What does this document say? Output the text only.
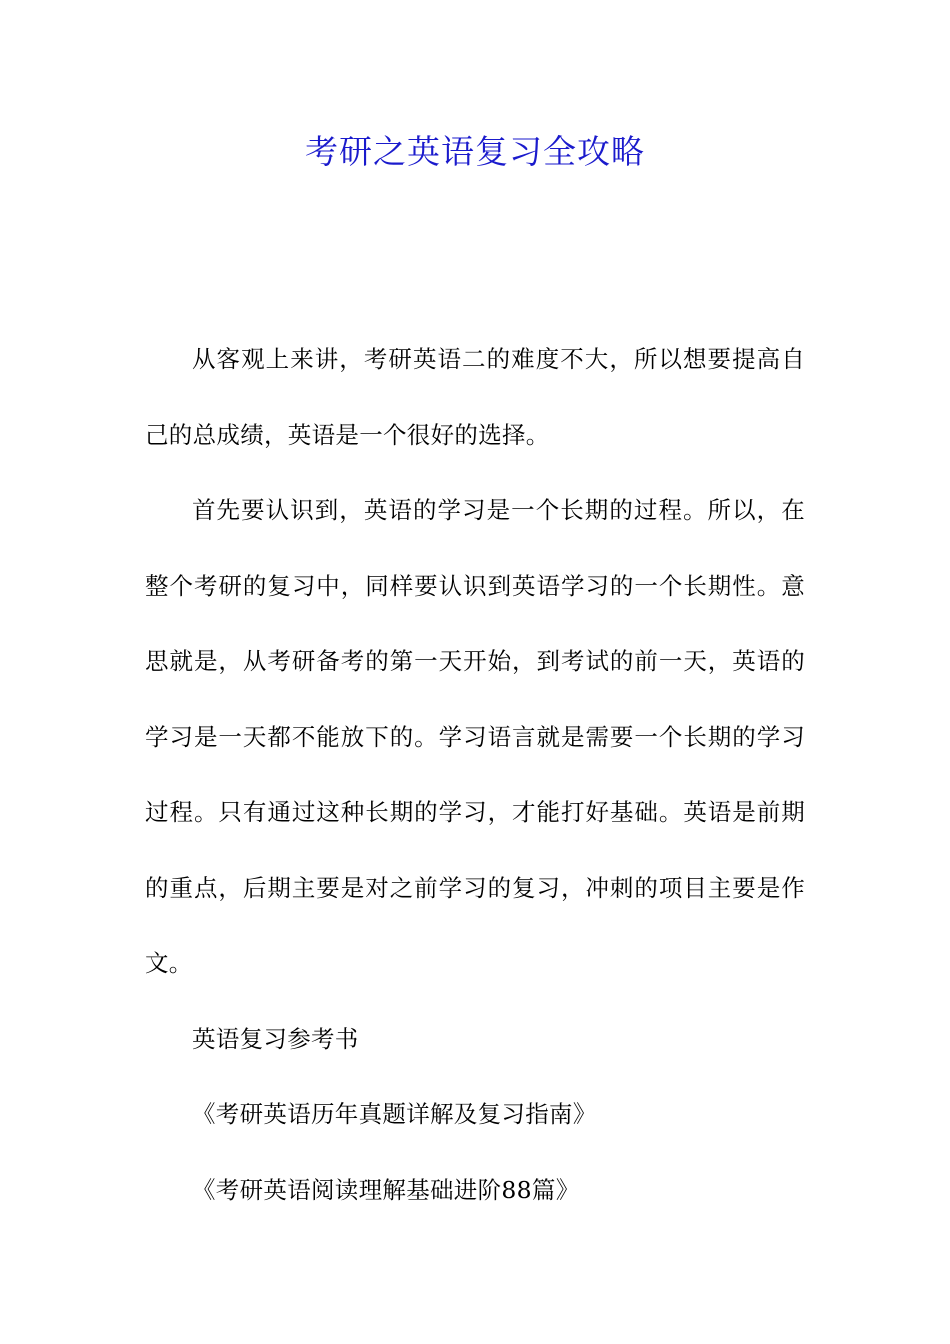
考研之英语复习全攻略

从客观上来讲，考研英语二的难度不大，所以想要提高自己的总成绩，英语是一个很好的选择。

首先要认识到，英语的学习是一个长期的过程。所以，在整个考研的复习中，同样要认识到英语学习的一个长期性。意思就是，从考研备考的第一天开始，到考试的前一天，英语的学习是一天都不能放下的。学习语言就是需要一个长期的学习过程。只有通过这种长期的学习，才能打好基础。英语是前期的重点，后期主要是对之前学习的复习，冲刺的项目主要是作文。

英语复习参考书

《考研英语历年真题详解及复习指南》

《考研英语阅读理解基础进阶88篇》
